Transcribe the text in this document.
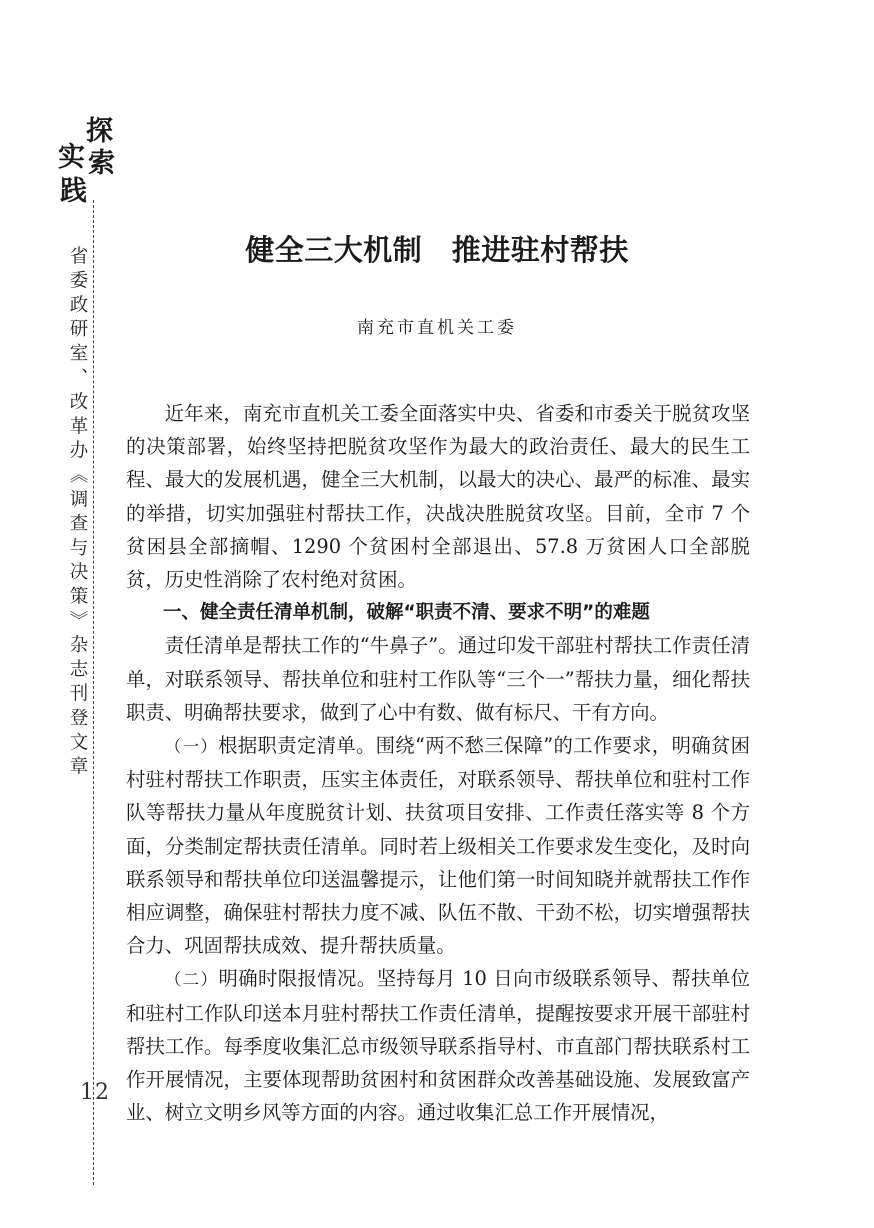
探
索
实
践
省委政研室、改革办《调查与决策》杂志刊登文章
12
健全三大机制　推进驻村帮扶
南充市直机关工委

近年来，南充市直机关工委全面落实中央、省委和市委关于脱贫攻坚的决策部署，始终坚持把脱贫攻坚作为最大的政治责任、最大的民生工程、最大的发展机遇，健全三大机制，以最大的决心、最严的标准、最实的举措，切实加强驻村帮扶工作，决战决胜脱贫攻坚。目前，全市 7 个贫困县全部摘帽、1290 个贫困村全部退出、57.8 万贫困人口全部脱贫，历史性消除了农村绝对贫困。

一、健全责任清单机制，破解“职责不清、要求不明”的难题

责任清单是帮扶工作的“牛鼻子”。通过印发干部驻村帮扶工作责任清单，对联系领导、帮扶单位和驻村工作队等“三个一”帮扶力量，细化帮扶职责、明确帮扶要求，做到了心中有数、做有标尺、干有方向。

（一）根据职责定清单。围绕“两不愁三保障”的工作要求，明确贫困村驻村帮扶工作职责，压实主体责任，对联系领导、帮扶单位和驻村工作队等帮扶力量从年度脱贫计划、扶贫项目安排、工作责任落实等 8 个方面，分类制定帮扶责任清单。同时若上级相关工作要求发生变化，及时向联系领导和帮扶单位印送温馨提示，让他们第一时间知晓并就帮扶工作作相应调整，确保驻村帮扶力度不减、队伍不散、干劲不松，切实增强帮扶合力、巩固帮扶成效、提升帮扶质量。

（二）明确时限报情况。坚持每月 10 日向市级联系领导、帮扶单位和驻村工作队印送本月驻村帮扶工作责任清单，提醒按要求开展干部驻村帮扶工作。每季度收集汇总市级领导联系指导村、市直部门帮扶联系村工作开展情况，主要体现帮助贫困村和贫困群众改善基础设施、发展致富产业、树立文明乡风等方面的内容。通过收集汇总工作开展情况，
